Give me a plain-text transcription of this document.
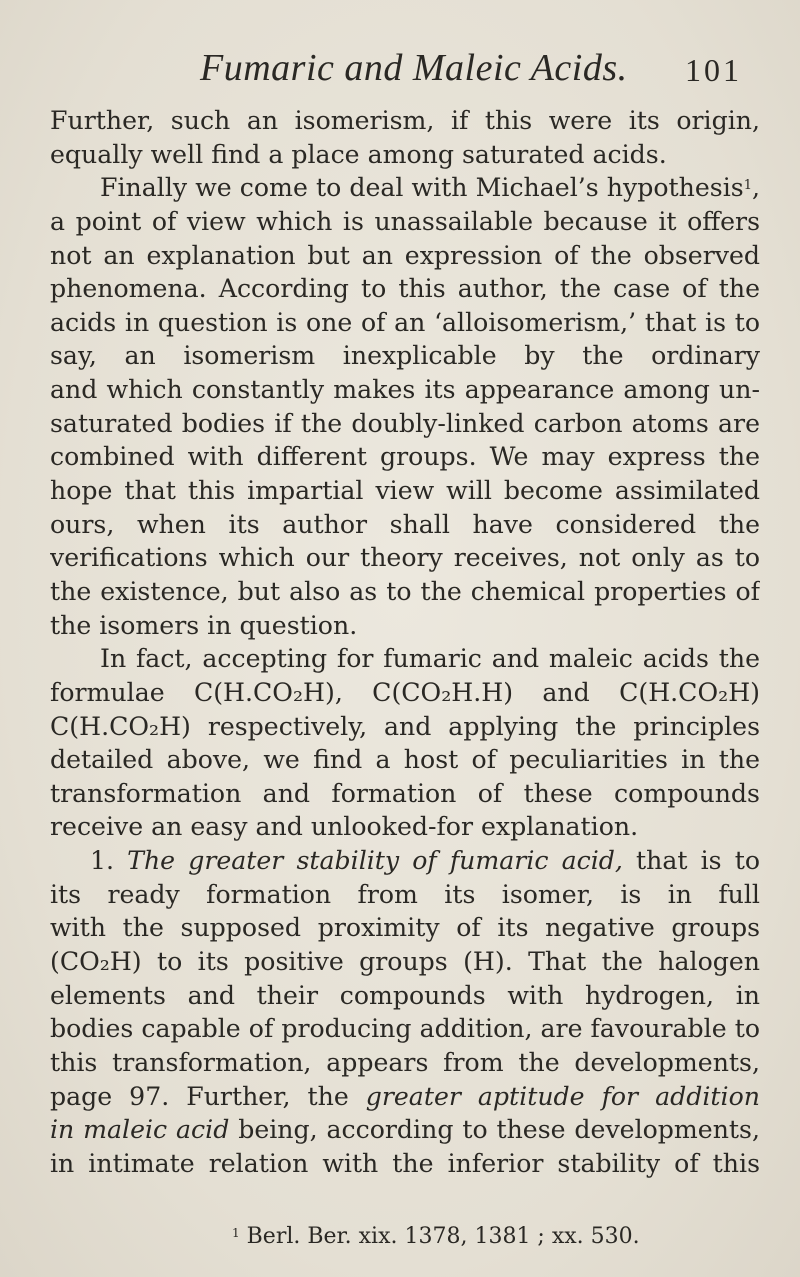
Fumaric and Maleic Acids. 101
Further, such an isomerism, if this were its origin,
equally well find a place among saturated acids.
Finally we come to deal with Michael’s hypothesis$^1$,
a point of view which is unassailable because it offers
not an explanation but an expression of the observed
phenomena. According to this author, the case of the
acids in question is one of an ‘alloisomerism,’ that is to
say, an isomerism inexplicable by the ordinary
and which constantly makes its appearance among un-
saturated bodies if the doubly-linked carbon atoms are
combined with different groups. We may express the
hope that this impartial view will become assimilated
ours, when its author shall have considered the
verifications which our theory receives, not only as to
the existence, but also as to the chemical properties of
the isomers in question.
In fact, accepting for fumaric and maleic acids the
formulae C(H.CO₂H), C(CO₂H.H) and C(H.CO₂H)
C(H.CO₂H) respectively, and applying the principles
detailed above, we find a host of peculiarities in the
transformation and formation of these compounds
receive an easy and unlooked-for explanation.
1. The greater stability of fumaric acid, that is to
its ready formation from its isomer, is in full
with the supposed proximity of its negative groups
(CO₂H) to its positive groups (H). That the halogen
elements and their compounds with hydrogen, in
bodies capable of producing addition, are favourable to
this transformation, appears from the developments,
page 97. Further, the greater aptitude for addition
in maleic acid being, according to these developments,
in intimate relation with the inferior stability of this
$^1$ Berl. Ber. xix. 1378, 1381 ; xx. 530.
